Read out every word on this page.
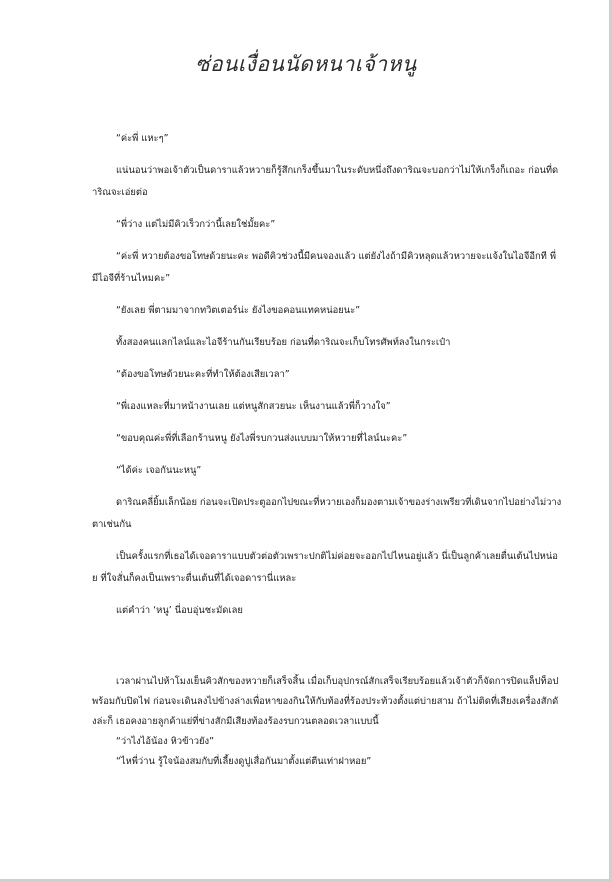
ซ่อนเงื่อนนัดหนาเจ้าหนู

“ค่ะพี่ แหะๆ”

แน่นอนว่าพอเจ้าตัวเป็นดาราแล้วหวายก็รู้สึกเกร็งขึ้นมาในระดับหนึ่งถึงดาริณจะบอกว่าไม่ให้เกร็งก็เถอะ ก่อนที่ดาริณจะเอ่ยต่อ

“พี่ว่าง แต่ไม่มีคิวเร็วกว่านี้เลยใช่มั้ยคะ”

“ค่ะพี่ หวายต้องขอโทษด้วยนะคะ พอดีคิวช่วงนี้มีคนจองแล้ว แต่ยังไงถ้ามีคิวหลุดแล้วหวายจะแจ้งในไอจีอีกที พี่มีไอจีที่ร้านไหมคะ”

“ยังเลย พี่ตามมาจากทวิตเตอร์น่ะ ยังไงขอคอนแทคหน่อยนะ”

ทั้งสองคนแลกไลน์และไอจีร้านกันเรียบร้อย ก่อนที่ดาริณจะเก็บโทรศัพท์ลงในกระเป๋า

“ต้องขอโทษด้วยนะคะที่ทำให้ต้องเสียเวลา”

“พี่เองแหละที่มาหน้างานเลย แต่หนูสักสวยนะ เห็นงานแล้วพี่ก็วางใจ”

“ขอบคุณค่ะพี่ที่เลือกร้านหนู ยังไงพี่รบกวนส่งแบบมาให้หวายที่ไลน์นะคะ”

“ได้ค่ะ เจอกันนะหนู”

ดาริณคลี่ยิ้มเล็กน้อย ก่อนจะเปิดประตูออกไปขณะที่หวายเองก็มองตามเจ้าของร่างเพรียวที่เดินจากไปอย่างไม่วางตาเช่นกัน

เป็นครั้งแรกที่เธอได้เจอดาราแบบตัวต่อตัวเพราะปกติไม่ค่อยจะออกไปไหนอยู่แล้ว นี่เป็นลูกค้าเลยตื่นเต้นไปหน่อย ที่ใจสั่นก็คงเป็นเพราะตื่นเต้นที่ได้เจอดารานี่แหละ

แต่คำว่า ‘หนู’ นี่อบอุ่นชะมัดเลย

เวลาผ่านไปห้าโมงเย็นคิวสักของหวายก็เสร็จสิ้น เมื่อเก็บอุปกรณ์สักเสร็จเรียบร้อยแล้วเจ้าตัวก็จัดการปิดแล็ปท็อปพร้อมกับปิดไฟ ก่อนจะเดินลงไปข้างล่างเพื่อหาของกินให้กับท้องที่ร้องประท้วงตั้งแต่บ่ายสาม ถ้าไม่ติดที่เสียงเครื่องสักดังล่ะก็ เธอคงอายลูกค้าแย่ที่ข่างสักมีเสียงท้องร้องรบกวนตลอดเวลาแบบนี้

“ว่าไงไอ้น้อง หิวข้าวยัง”

“ไหพี่ว่าน รู้ใจน้องสมกับที่เลี้ยงดูปูเสื่อกันมาตั้งแต่ตีนเท่าฝาหอย”
